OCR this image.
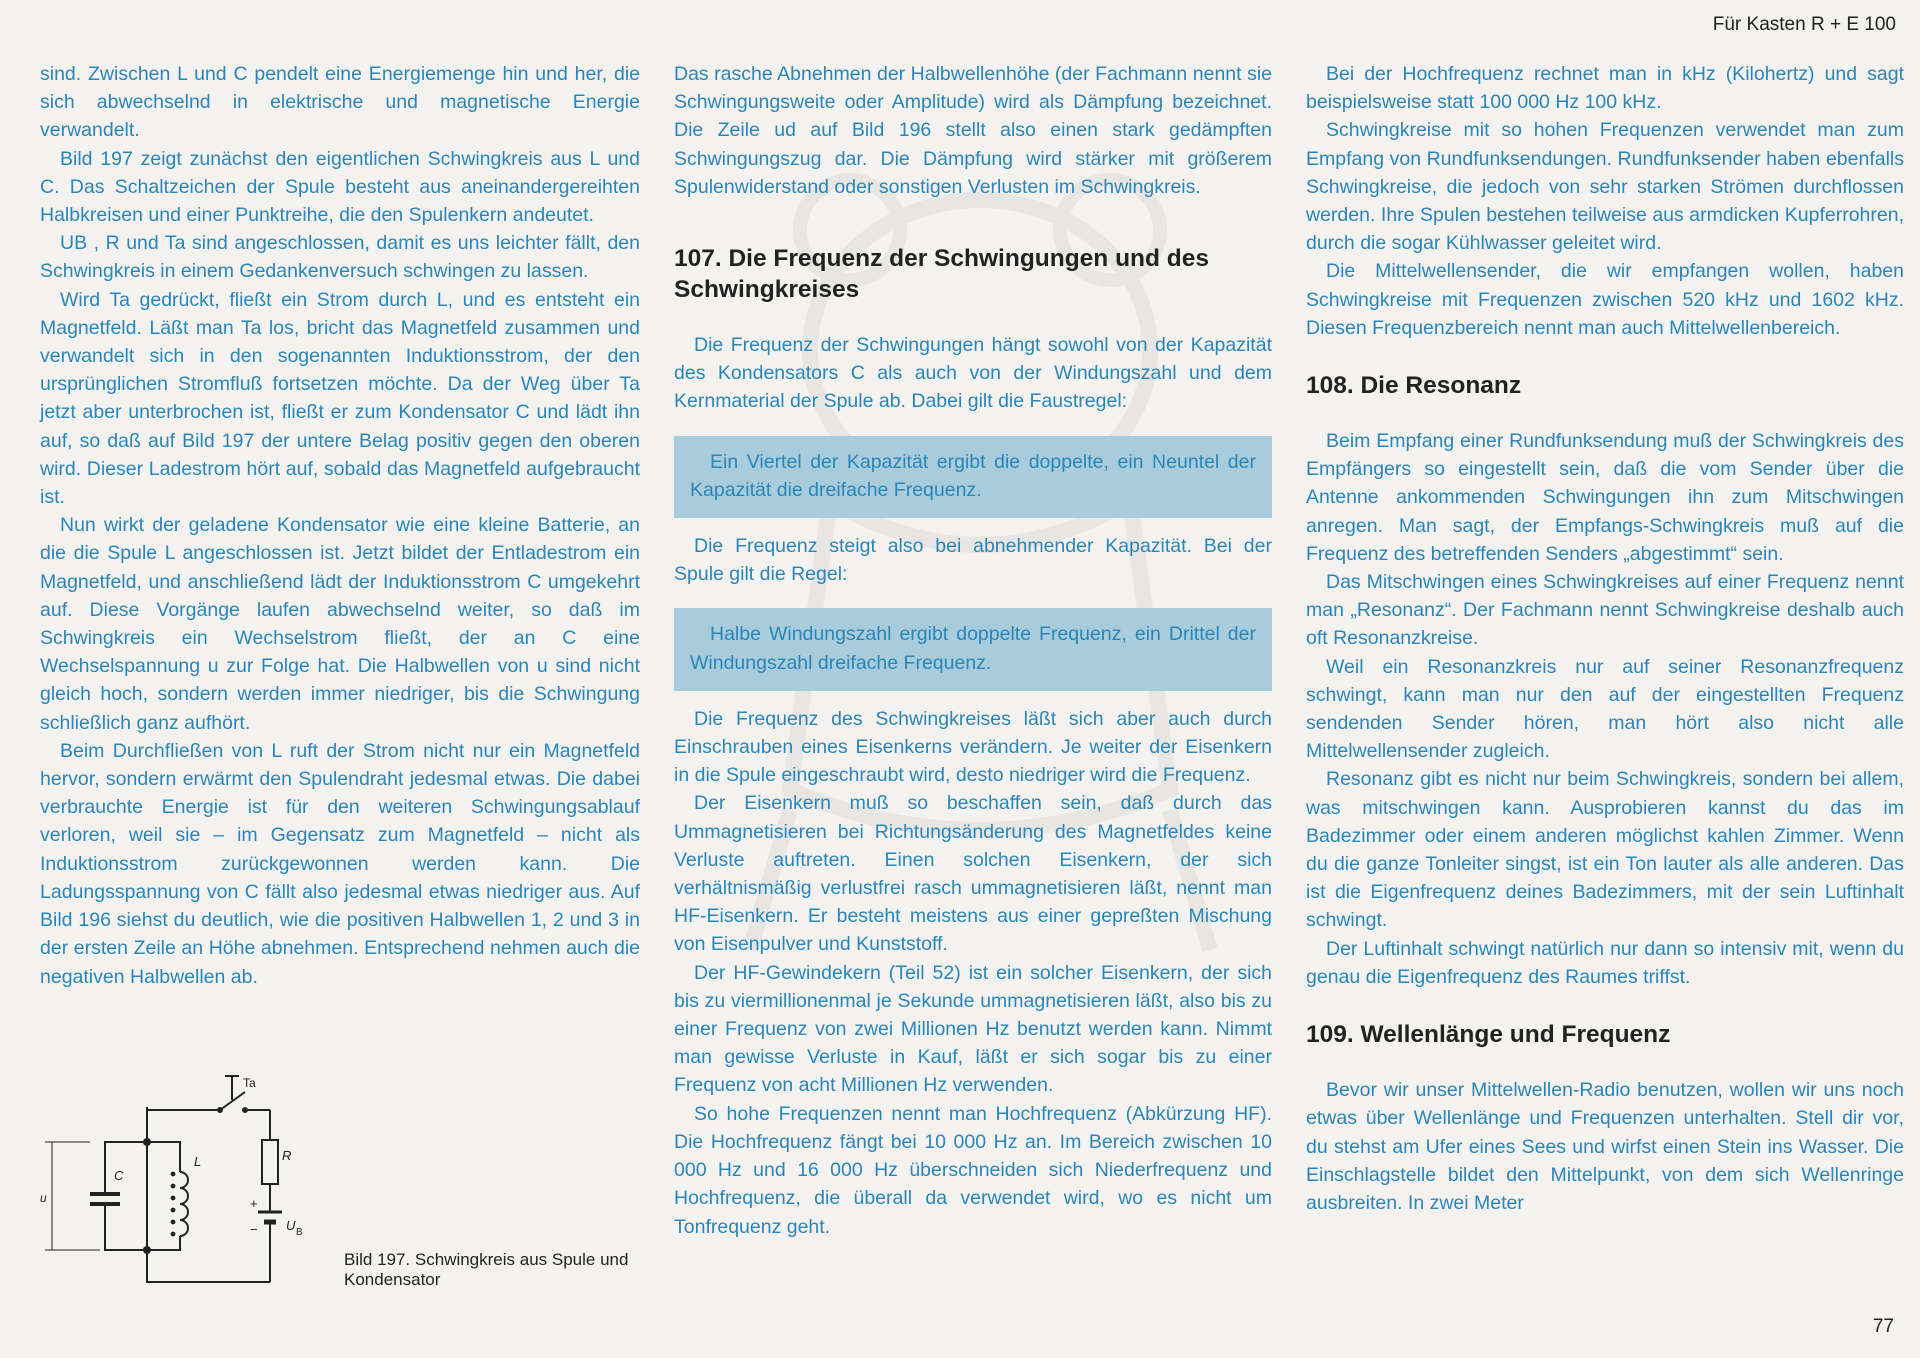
Für Kasten R + E 100

sind. Zwischen L und C pendelt eine Energiemenge hin und her, die sich abwechselnd in elektrische und magnetische Energie verwandelt.

Bild 197 zeigt zunächst den eigentlichen Schwingkreis aus L und C. Das Schaltzeichen der Spule besteht aus aneinandergereihten Halbkreisen und einer Punktreihe, die den Spulenkern andeutet.

UB , R und Ta sind angeschlossen, damit es uns leichter fällt, den Schwingkreis in einem Gedankenversuch schwingen zu lassen.

Wird Ta gedrückt, fließt ein Strom durch L, und es entsteht ein Magnetfeld. Läßt man Ta los, bricht das Magnetfeld zusammen und verwandelt sich in den sogenannten Induktionsstrom, der den ursprünglichen Stromfluß fortsetzen möchte. Da der Weg über Ta jetzt aber unterbrochen ist, fließt er zum Kondensator C und lädt ihn auf, so daß auf Bild 197 der untere Belag positiv gegen den oberen wird. Dieser Ladestrom hört auf, sobald das Magnetfeld aufgebraucht ist.

Nun wirkt der geladene Kondensator wie eine kleine Batterie, an die die Spule L angeschlossen ist. Jetzt bildet der Entladestrom ein Magnetfeld, und anschließend lädt der Induktionsstrom C umgekehrt auf. Diese Vorgänge laufen abwechselnd weiter, so daß im Schwingkreis ein Wechselstrom fließt, der an C eine Wechselspannung u zur Folge hat. Die Halbwellen von u sind nicht gleich hoch, sondern werden immer niedriger, bis die Schwingung schließlich ganz aufhört.

Beim Durchfließen von L ruft der Strom nicht nur ein Magnetfeld hervor, sondern erwärmt den Spulendraht jedesmal etwas. Die dabei verbrauchte Energie ist für den weiteren Schwingungsablauf verloren, weil sie – im Gegensatz zum Magnetfeld – nicht als Induktionsstrom zurückgewonnen werden kann. Die Ladungsspannung von C fällt also jedesmal etwas niedriger aus. Auf Bild 196 siehst du deutlich, wie die positiven Halbwellen 1, 2 und 3 in der ersten Zeile an Höhe abnehmen. Entsprechend nehmen auch die negativen Halbwellen ab.

Ta
R
L
C
u
U B
+
−
Bild 197. Schwingkreis aus Spule und Kondensator

Das rasche Abnehmen der Halbwellenhöhe (der Fachmann nennt sie Schwingungsweite oder Amplitude) wird als Dämpfung bezeichnet. Die Zeile ud auf Bild 196 stellt also einen stark gedämpften Schwingungszug dar. Die Dämpfung wird stärker mit größerem Spulenwiderstand oder sonstigen Verlusten im Schwingkreis.

107. Die Frequenz der Schwingungen und des Schwingkreises

Die Frequenz der Schwingungen hängt sowohl von der Kapazität des Kondensators C als auch von der Windungszahl und dem Kernmaterial der Spule ab. Dabei gilt die Faustregel:

Ein Viertel der Kapazität ergibt die doppelte, ein Neuntel der Kapazität die dreifache Frequenz.

Die Frequenz steigt also bei abnehmender Kapazität. Bei der Spule gilt die Regel:

Halbe Windungszahl ergibt doppelte Frequenz, ein Drittel der Windungszahl dreifache Frequenz.

Die Frequenz des Schwingkreises läßt sich aber auch durch Einschrauben eines Eisenkerns verändern. Je weiter der Eisenkern in die Spule eingeschraubt wird, desto niedriger wird die Frequenz.

Der Eisenkern muß so beschaffen sein, daß durch das Ummagnetisieren bei Richtungsänderung des Magnetfeldes keine Verluste auftreten. Einen solchen Eisenkern, der sich verhältnismäßig verlustfrei rasch ummagnetisieren läßt, nennt man HF-Eisenkern. Er besteht meistens aus einer gepreßten Mischung von Eisenpulver und Kunststoff.

Der HF-Gewindekern (Teil 52) ist ein solcher Eisenkern, der sich bis zu viermillionenmal je Sekunde ummagnetisieren läßt, also bis zu einer Frequenz von zwei Millionen Hz benutzt werden kann. Nimmt man gewisse Verluste in Kauf, läßt er sich sogar bis zu einer Frequenz von acht Millionen Hz verwenden.

So hohe Frequenzen nennt man Hochfrequenz (Abkürzung HF). Die Hochfrequenz fängt bei 10 000 Hz an. Im Bereich zwischen 10 000 Hz und 16 000 Hz überschneiden sich Niederfrequenz und Hochfrequenz, die überall da verwendet wird, wo es nicht um Tonfrequenz geht.

Bei der Hochfrequenz rechnet man in kHz (Kilohertz) und sagt beispielsweise statt 100 000 Hz 100 kHz.

Schwingkreise mit so hohen Frequenzen verwendet man zum Empfang von Rundfunksendungen. Rundfunksender haben ebenfalls Schwingkreise, die jedoch von sehr starken Strömen durchflossen werden. Ihre Spulen bestehen teilweise aus armdicken Kupferrohren, durch die sogar Kühlwasser geleitet wird.

Die Mittelwellensender, die wir empfangen wollen, haben Schwingkreise mit Frequenzen zwischen 520 kHz und 1602 kHz. Diesen Frequenzbereich nennt man auch Mittelwellenbereich.

108. Die Resonanz

Beim Empfang einer Rundfunksendung muß der Schwingkreis des Empfängers so eingestellt sein, daß die vom Sender über die Antenne ankommenden Schwingungen ihn zum Mitschwingen anregen. Man sagt, der Empfangs-Schwingkreis muß auf die Frequenz des betreffenden Senders „abgestimmt“ sein.

Das Mitschwingen eines Schwingkreises auf einer Frequenz nennt man „Resonanz“. Der Fachmann nennt Schwingkreise deshalb auch oft Resonanzkreise.

Weil ein Resonanzkreis nur auf seiner Resonanzfrequenz schwingt, kann man nur den auf der eingestellten Frequenz sendenden Sender hören, man hört also nicht alle Mittelwellensender zugleich.

Resonanz gibt es nicht nur beim Schwingkreis, sondern bei allem, was mitschwingen kann. Ausprobieren kannst du das im Badezimmer oder einem anderen möglichst kahlen Zimmer. Wenn du die ganze Tonleiter singst, ist ein Ton lauter als alle anderen. Das ist die Eigenfrequenz deines Badezimmers, mit der sein Luftinhalt schwingt.

Der Luftinhalt schwingt natürlich nur dann so intensiv mit, wenn du genau die Eigenfrequenz des Raumes triffst.

109. Wellenlänge und Frequenz

Bevor wir unser Mittelwellen-Radio benutzen, wollen wir uns noch etwas über Wellenlänge und Frequenzen unterhalten. Stell dir vor, du stehst am Ufer eines Sees und wirfst einen Stein ins Wasser. Die Einschlagstelle bildet den Mittelpunkt, von dem sich Wellenringe ausbreiten. In zwei Meter

77
